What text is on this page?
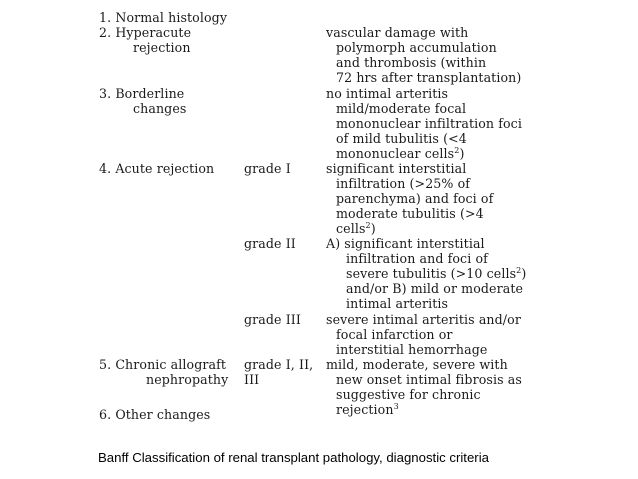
1. Normal histology
2. Hyperacute
rejection
vascular damage with
polymorph accumulation
and thrombosis (within
72 hrs after transplantation)
3. Borderline
changes
no intimal arteritis
mild/moderate focal
mononuclear infiltration foci
of mild tubulitis (<4
mononuclear cells$^2$)
4. Acute rejection grade I	significant interstitial
infiltration (>25% of
parenchyma) and foci of
moderate tubulitis (>4
cells$^2$)
grade II A) significant interstitial
infiltration and foci of
severe tubulitis (>10 cells$^2$)
and/or B) mild or moderate
intimal arteritis
grade III severe intimal arteritis and/or
focal infarction or
interstitial hemorrhage
5. Chronic allograft
nephropathy
grade I, II,
III
mild, moderate, severe with
new onset intimal fibrosis as
suggestive for chronic
rejection$^3$
6. Other changes
Banff Classification of renal transplant pathology, diagnostic criteria
